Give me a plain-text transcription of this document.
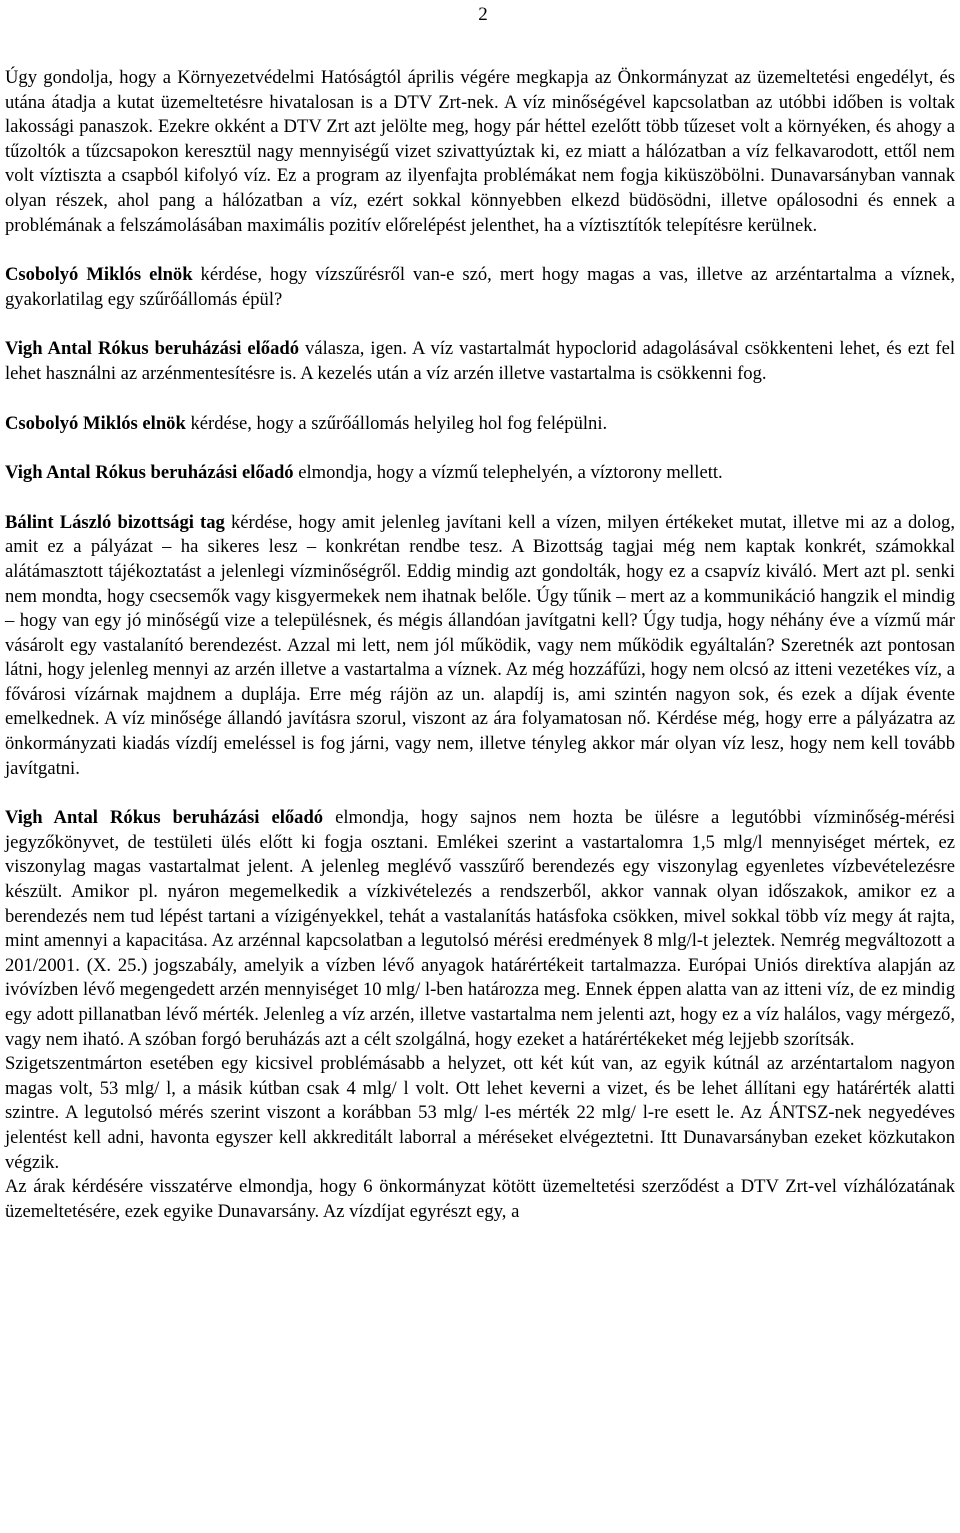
2

Úgy gondolja, hogy a Környezetvédelmi Hatóságtól április végére megkapja az Önkormányzat az üzemeltetési engedélyt, és utána átadja a kutat üzemeltetésre hivatalosan is a DTV Zrt-nek. A víz minőségével kapcsolatban az utóbbi időben is voltak lakossági panaszok. Ezekre okként a DTV Zrt azt jelölte meg, hogy pár héttel ezelőtt több tűzeset volt a környéken, és ahogy a tűzoltók a tűzcsapokon keresztül nagy mennyiségű vizet szivattyúztak ki, ez miatt a hálózatban a víz felkavarodott, ettől nem volt víztiszta a csapból kifolyó víz. Ez a program az ilyenfajta problémákat nem fogja kiküszöbölni. Dunavarsányban vannak olyan részek, ahol pang a hálózatban a víz, ezért sokkal könnyebben elkezd büdösödni, illetve opálosodni és ennek a problémának a felszámolásában maximális pozitív előrelépést jelenthet, ha a víztisztítók telepítésre kerülnek.

Csobolyó Miklós elnök kérdése, hogy vízszűrésről van-e szó, mert hogy magas a vas, illetve az arzéntartalma a víznek, gyakorlatilag egy szűrőállomás épül?

Vigh Antal Rókus beruházási előadó válasza, igen. A víz vastartalmát hypoclorid adagolásával csökkenteni lehet, és ezt fel lehet használni az arzénmentesítésre is. A kezelés után a víz arzén illetve vastartalma is csökkenni fog.

Csobolyó Miklós elnök kérdése, hogy a szűrőállomás helyileg hol fog felépülni.

Vigh Antal Rókus beruházási előadó elmondja, hogy a vízmű telephelyén, a víztorony mellett.

Bálint László bizottsági tag kérdése, hogy amit jelenleg javítani kell a vízen, milyen értékeket mutat, illetve mi az a dolog, amit ez a pályázat – ha sikeres lesz – konkrétan rendbe tesz. A Bizottság tagjai még nem kaptak konkrét, számokkal alátámasztott tájékoztatást a jelenlegi vízminőségről. Eddig mindig azt gondolták, hogy ez a csapvíz kiváló. Mert azt pl. senki nem mondta, hogy csecsemők vagy kisgyermekek nem ihatnak belőle. Úgy tűnik – mert az a kommunikáció hangzik el mindig – hogy van egy jó minőségű vize a településnek, és mégis állandóan javítgatni kell? Úgy tudja, hogy néhány éve a vízmű már vásárolt egy vastalanító berendezést. Azzal mi lett, nem jól működik, vagy nem működik egyáltalán? Szeretnék azt pontosan látni, hogy jelenleg mennyi az arzén illetve a vastartalma a víznek. Az még hozzáfűzi, hogy nem olcsó az itteni vezetékes víz, a fővárosi vízárnak majdnem a duplája. Erre még rájön az un. alapdíj is, ami szintén nagyon sok, és ezek a díjak évente emelkednek. A víz minősége állandó javításra szorul, viszont az ára folyamatosan nő. Kérdése még, hogy erre a pályázatra az önkormányzati kiadás vízdíj emeléssel is fog járni, vagy nem, illetve tényleg akkor már olyan víz lesz, hogy nem kell tovább javítgatni.

Vigh Antal Rókus beruházási előadó elmondja, hogy sajnos nem hozta be ülésre a legutóbbi vízminőség-mérési jegyzőkönyvet, de testületi ülés előtt ki fogja osztani. Emlékei szerint a vastartalomra 1,5 mlg/l mennyiséget mértek, ez viszonylag magas vastartalmat jelent. A jelenleg meglévő vasszűrő berendezés egy viszonylag egyenletes vízbevételezésre készült. Amikor pl. nyáron megemelkedik a vízkivételezés a rendszerből, akkor vannak olyan időszakok, amikor ez a berendezés nem tud lépést tartani a vízigényekkel, tehát a vastalanítás hatásfoka csökken, mivel sokkal több víz megy át rajta, mint amennyi a kapacitása. Az arzénnal kapcsolatban a legutolsó mérési eredmények 8 mlg/l-t jeleztek. Nemrég megváltozott a 201/2001. (X. 25.) jogszabály, amelyik a vízben lévő anyagok határértékeit tartalmazza. Európai Uniós direktíva alapján az ivóvízben lévő megengedett arzén mennyiséget 10 mlg/ l-ben határozza meg. Ennek éppen alatta van az itteni víz, de ez mindig egy adott pillanatban lévő mérték. Jelenleg a víz arzén, illetve vastartalma nem jelenti azt, hogy ez a víz halálos, vagy mérgező, vagy nem iható. A szóban forgó beruházás azt a célt szolgálná, hogy ezeket a határértékeket még lejjebb szorítsák.

Szigetszentmárton esetében egy kicsivel problémásabb a helyzet, ott két kút van, az egyik kútnál az arzéntartalom nagyon magas volt, 53 mlg/ l, a másik kútban csak 4 mlg/ l volt. Ott lehet keverni a vizet, és be lehet állítani egy határérték alatti szintre. A legutolsó mérés szerint viszont a korábban 53 mlg/ l-es mérték 22 mlg/ l-re esett le. Az ÁNTSZ-nek negyedéves jelentést kell adni, havonta egyszer kell akkreditált laborral a méréseket elvégeztetni. Itt Dunavarsányban ezeket közkutakon végzik.

Az árak kérdésére visszatérve elmondja, hogy 6 önkormányzat kötött üzemeltetési szerződést a DTV Zrt-vel vízhálózatának üzemeltetésére, ezek egyike Dunavarsány. Az vízdíjat egyrészt egy, a
